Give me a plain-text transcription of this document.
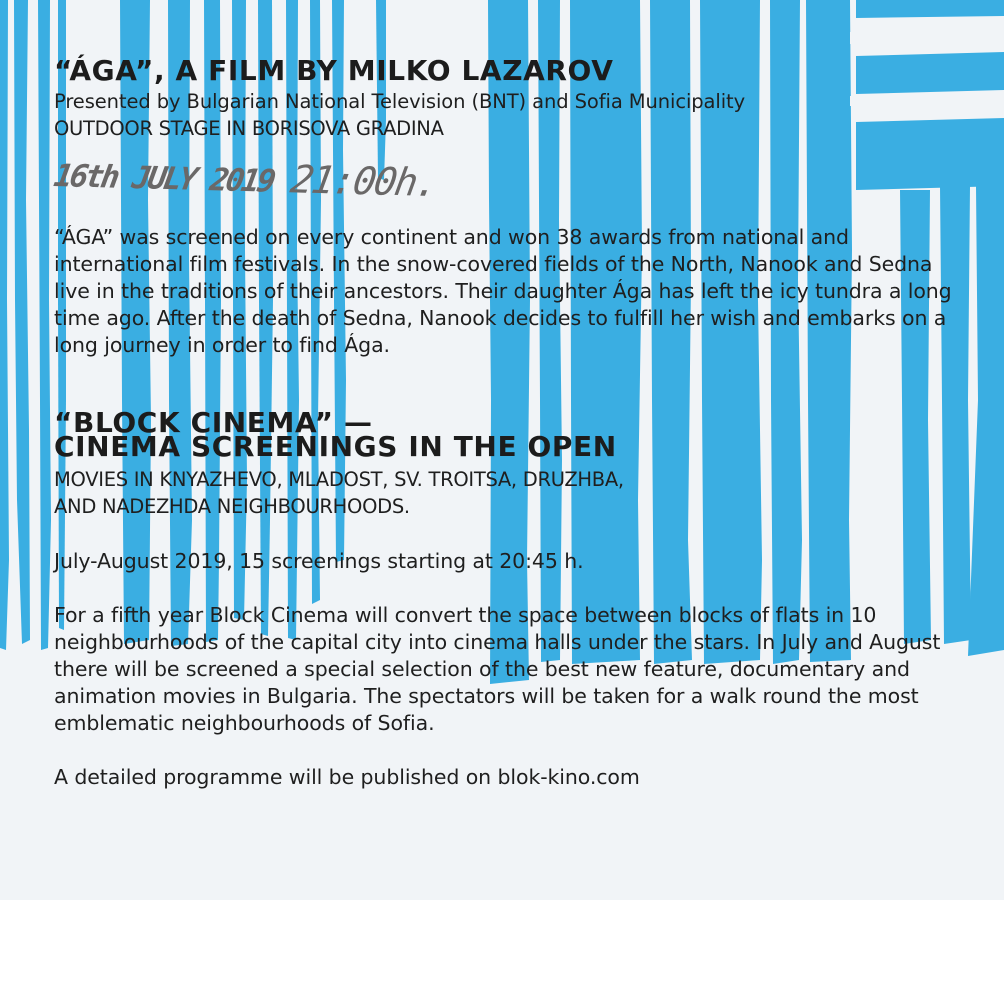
“ÁGA”, A FILM BY MILKO LAZAROV
Presented by Bulgarian National Television (BNT) and Sofia Municipality
OUTDOOR STAGE IN BORISOVA GRADINA
16th JULY 2019 21:00h.

“ÁGA” was screened on every continent and won 38 awards from national and international film festivals. In the snow-covered fields of the North, Nanook and Sedna live in the traditions of their ancestors. Their daughter Ága has left the icy tundra a long time ago. After the death of Sedna, Nanook decides to fulfill her wish and embarks on a long journey in order to find Ága.

“BLOCK CINEMA” —
CINEMA SCREENINGS IN THE OPEN
MOVIES IN KNYAZHEVO, MLADOST, SV. TROITSA, DRUZHBA,
AND NADEZHDA NEIGHBOURHOODS.
July-August 2019, 15 screenings starting at 20:45 h.

For a fifth year Block Cinema will convert the space between blocks of flats in 10 neighbourhoods of the capital city into cinema halls under the stars. In July and August there will be screened a special selection of the best new feature, documentary and animation movies in Bulgaria. The spectators will be taken for a walk round the most emblematic neighbourhoods of Sofia.

A detailed programme will be published on blok-kino.com
